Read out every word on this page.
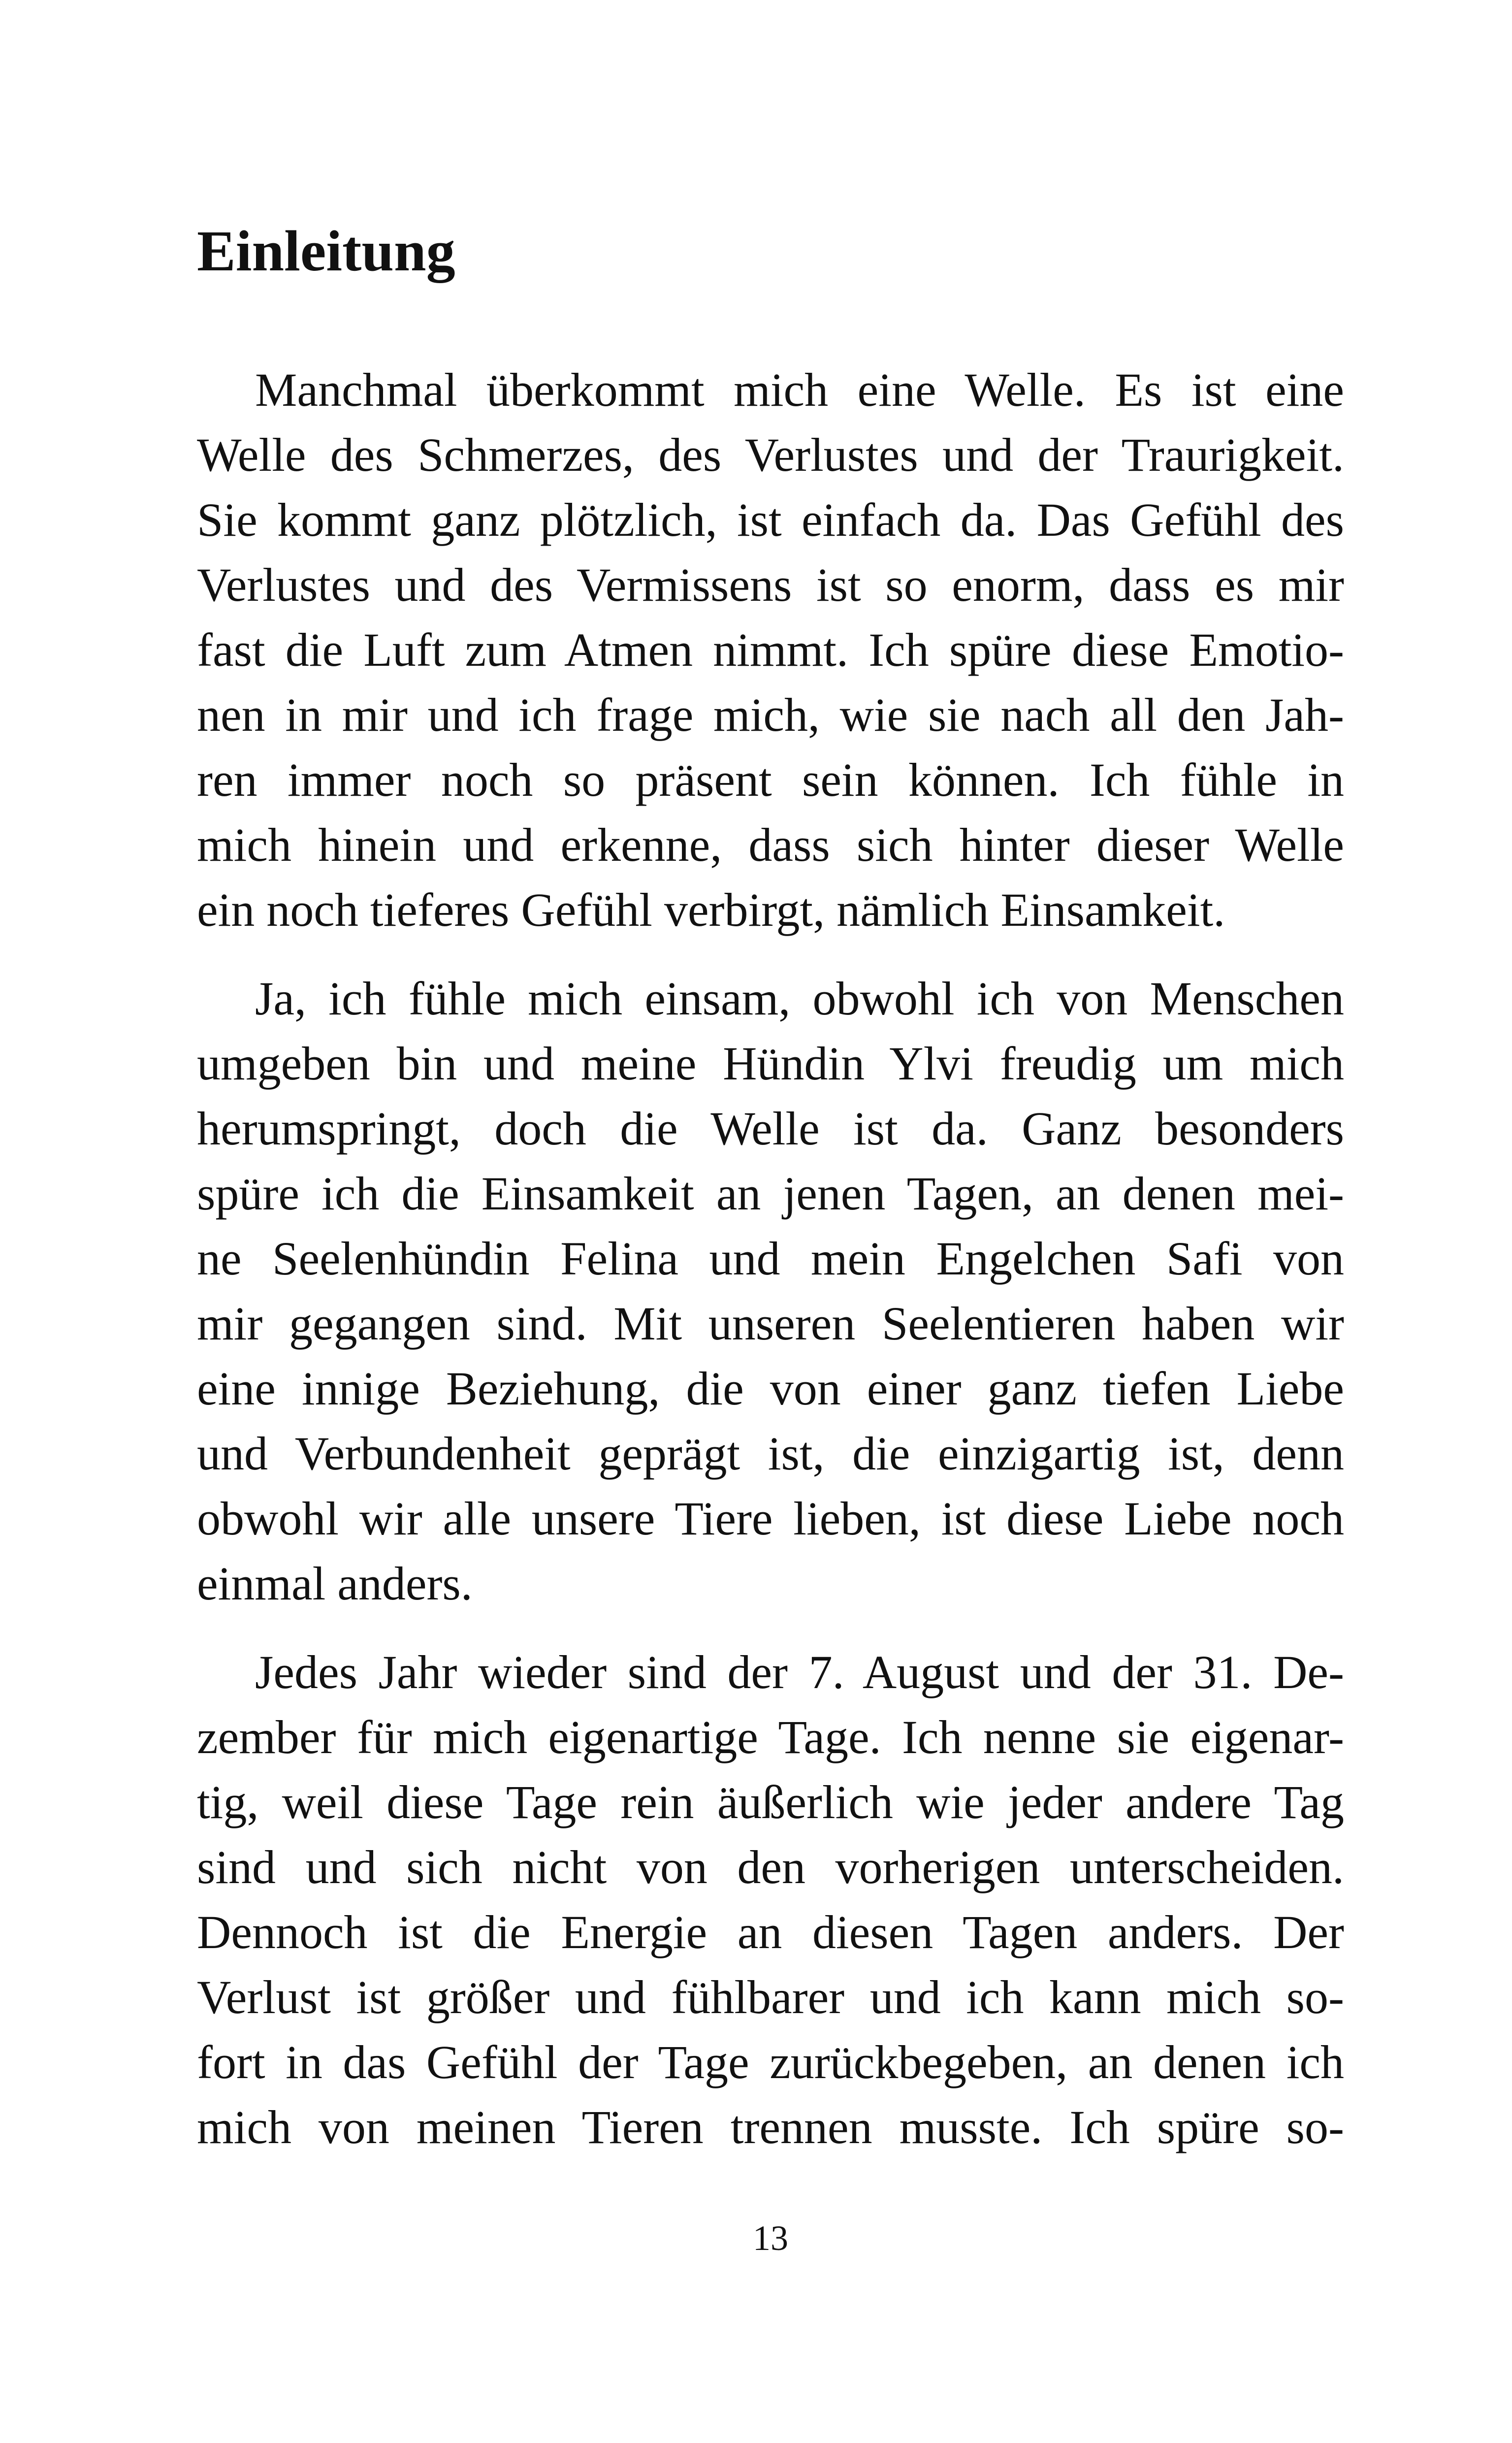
Einleitung

Manchmal überkommt mich eine Welle. Es ist eine
Welle des Schmerzes, des Verlustes und der Traurigkeit.
Sie kommt ganz plötzlich, ist einfach da. Das Gefühl des
Verlustes und des Vermissens ist so enorm, dass es mir
fast die Luft zum Atmen nimmt. Ich spüre diese Emotio-
nen in mir und ich frage mich, wie sie nach all den Jah-
ren immer noch so präsent sein können. Ich fühle in
mich hinein und erkenne, dass sich hinter dieser Welle
ein noch tieferes Gefühl verbirgt, nämlich Einsamkeit.

Ja, ich fühle mich einsam, obwohl ich von Menschen
umgeben bin und meine Hündin Ylvi freudig um mich
herumspringt, doch die Welle ist da. Ganz besonders
spüre ich die Einsamkeit an jenen Tagen, an denen mei-
ne Seelenhündin Felina und mein Engelchen Safi von
mir gegangen sind. Mit unseren Seelentieren haben wir
eine innige Beziehung, die von einer ganz tiefen Liebe
und Verbundenheit geprägt ist, die einzigartig ist, denn
obwohl wir alle unsere Tiere lieben, ist diese Liebe noch
einmal anders.

Jedes Jahr wieder sind der 7. August und der 31. De-
zember für mich eigenartige Tage. Ich nenne sie eigenar-
tig, weil diese Tage rein äußerlich wie jeder andere Tag
sind und sich nicht von den vorherigen unterscheiden.
Dennoch ist die Energie an diesen Tagen anders. Der
Verlust ist größer und fühlbarer und ich kann mich so-
fort in das Gefühl der Tage zurückbegeben, an denen ich
mich von meinen Tieren trennen musste. Ich spüre so-

13
